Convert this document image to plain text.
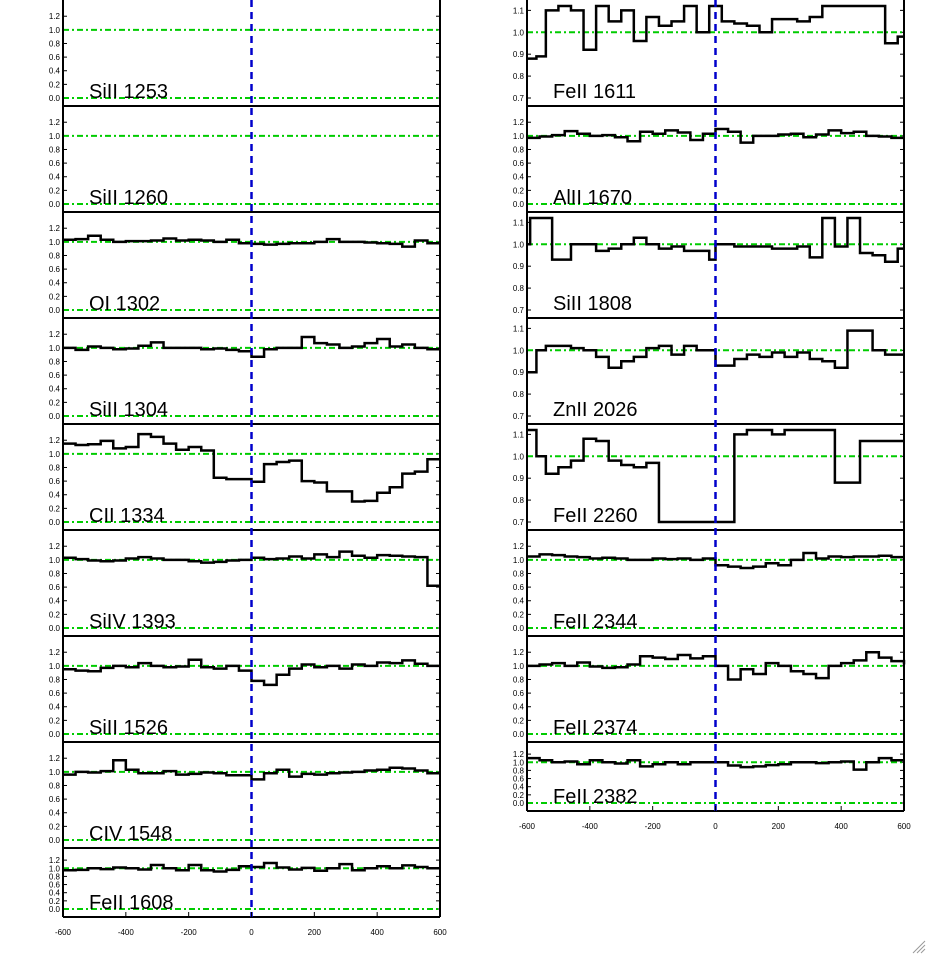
0.0
0.2
0.4
0.6
0.8
1.0
1.2
SiII 1253
0.0
0.2
0.4
0.6
0.8
1.0
1.2
SiII 1260
0.0
0.2
0.4
0.6
0.8
1.0
1.2
OI 1302
0.0
0.2
0.4
0.6
0.8
1.0
1.2
SiII 1304
0.0
0.2
0.4
0.6
0.8
1.0
1.2
CII 1334
0.0
0.2
0.4
0.6
0.8
1.0
1.2
SiIV 1393
0.0
0.2
0.4
0.6
0.8
1.0
1.2
SiII 1526
0.0
0.2
0.4
0.6
0.8
1.0
1.2
CIV 1548
0.0
0.2
0.4
0.6
0.8
1.0
1.2
FeII 1608
0.7
0.8
0.9
1.0
1.1
FeII 1611
0.0
0.2
0.4
0.6
0.8
1.0
1.2
AlII 1670
0.7
0.8
0.9
1.0
1.1
SiII 1808
0.7
0.8
0.9
1.0
1.1
ZnII 2026
0.7
0.8
0.9
1.0
1.1
FeII 2260
0.0
0.2
0.4
0.6
0.8
1.0
1.2
FeII 2344
0.0
0.2
0.4
0.6
0.8
1.0
1.2
FeII 2374
0.0
0.2
0.4
0.6
0.8
1.0
1.2
FeII 2382
-600	-400	-200	0	200	400	600
-600	-400	-200	0	200	400	600
